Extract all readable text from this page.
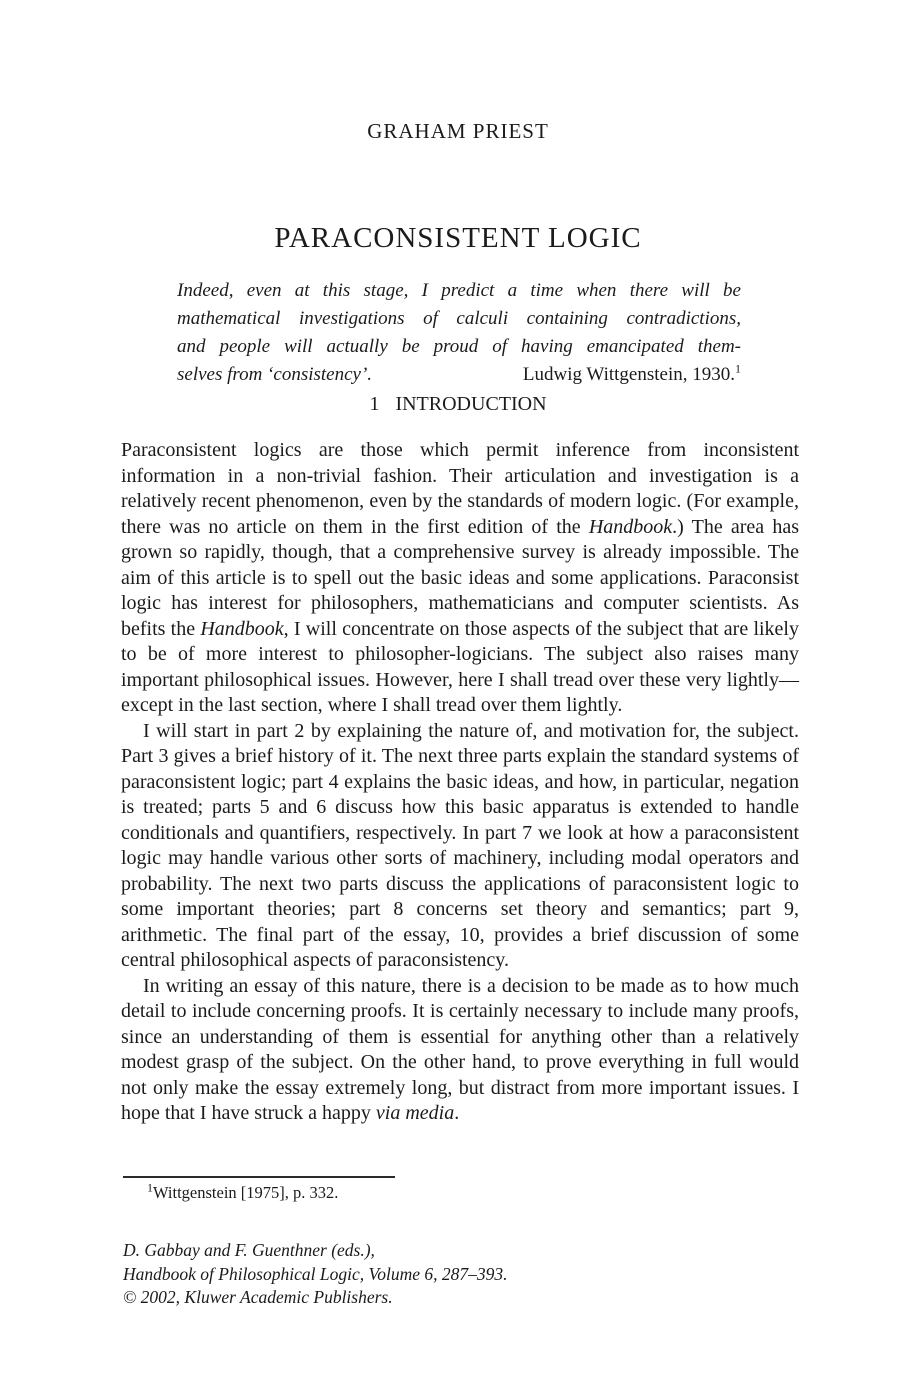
GRAHAM PRIEST
PARACONSISTENT LOGIC
Indeed, even at this stage, I predict a time when there will be
mathematical investigations of calculi containing contradictions,
and people will actually be proud of having emancipated them-
selves from ‘consistency’.	Ludwig Wittgenstein, 1930.$^1$
1 INTRODUCTION

Paraconsistent logics are those which permit inference from inconsistent information in a non-trivial fashion. Their articulation and investigation is a relatively recent phenomenon, even by the standards of modern logic. (For example, there was no article on them in the first edition of the Handbook.) The area has grown so rapidly, though, that a comprehensive survey is already impossible. The aim of this article is to spell out the basic ideas and some applications. Paraconsist logic has interest for philosophers, mathematicians and computer scientists. As befits the Handbook, I will concentrate on those aspects of the subject that are likely to be of more interest to philosopher-logicians. The subject also raises many important philosophical issues. However, here I shall tread over these very lightly—except in the last section, where I shall tread over them lightly.

I will start in part 2 by explaining the nature of, and motivation for, the subject. Part 3 gives a brief history of it. The next three parts explain the standard systems of paraconsistent logic; part 4 explains the basic ideas, and how, in particular, negation is treated; parts 5 and 6 discuss how this basic apparatus is extended to handle conditionals and quantifiers, respectively. In part 7 we look at how a paraconsistent logic may handle various other sorts of machinery, including modal operators and probability. The next two parts discuss the applications of paraconsistent logic to some important theories; part 8 concerns set theory and semantics; part 9, arithmetic. The final part of the essay, 10, provides a brief discussion of some central philosophical aspects of paraconsistency.

In writing an essay of this nature, there is a decision to be made as to how much detail to include concerning proofs. It is certainly necessary to include many proofs, since an understanding of them is essential for anything other than a relatively modest grasp of the subject. On the other hand, to prove everything in full would not only make the essay extremely long, but distract from more important issues. I hope that I have struck a happy via media.

$^1$Wittgenstein [1975], p. 332.
D. Gabbay and F. Guenthner (eds.),
Handbook of Philosophical Logic, Volume 6, 287–393.
© 2002, Kluwer Academic Publishers.
